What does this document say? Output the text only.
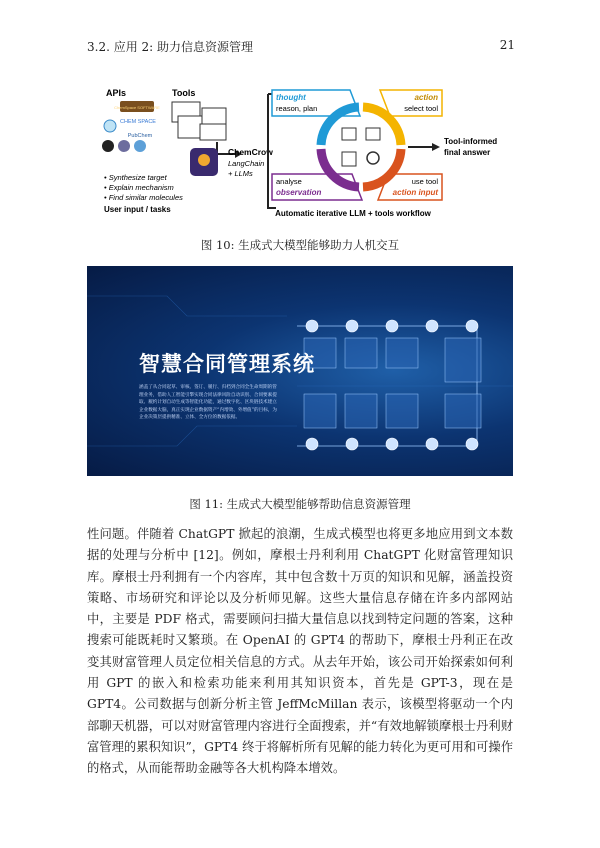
3.2. 应用 2: 助力信息资源管理	21
APIs	Tools
ChemSpace SOFTWARE
CHEM SPACE
PubChem
ChemCrow
LangChain
+ LLMs
• Synthesize target
• Explain mechanism
• Find similar molecules
User input / tasks
thought
reason, plan
action
select tool
analyse
observation
use tool
action input
Tool-informed
final answer
Automatic iterative LLM + tools workflow
图 10: 生成式大模型能够助力人机交互
智慧合同管理系统
涵盖了从合同起草、审核、签订、履行、归档到合同全生命周期的管理业务，借助人工智能引擎实现合同法律风险自动识别、合同要素提取、履约计划自动生成等智能化功能，通过数字化、区块链技术建立企业数据大脑，真正实现企业数据资产“内增效、外增值”的目标，为企业决策层提供精准、立体、全方位的数据依据。
图 11: 生成式大模型能够帮助信息资源管理

性问题。伴随着 ChatGPT 掀起的浪潮，生成式模型也将更多地应用到文本数据的处理与分析中 [12]。例如，摩根士丹利利用 ChatGPT 化财富管理知识库。摩根士丹利拥有一个内容库，其中包含数十万页的知识和见解，涵盖投资策略、市场研究和评论以及分析师见解。这些大量信息存储在许多内部网站中，主要是 PDF 格式，需要顾问扫描大量信息以找到特定问题的答案，这种搜索可能既耗时又繁琐。在 OpenAI 的 GPT4 的帮助下，摩根士丹利正在改变其财富管理人员定位相关信息的方式。从去年开始，该公司开始探索如何利用 GPT 的嵌入和检索功能来利用其知识资本，首先是 GPT-3，现在是 GPT4。公司数据与创新分析主管 JeffMcMillan 表示，该模型将驱动一个内部聊天机器，可以对财富管理内容进行全面搜索，并“有效地解锁摩根士丹利财富管理的累积知识”，GPT4 终于将解析所有见解的能力转化为更可用和可操作的格式，从而能帮助金融等各大机构降本增效。
